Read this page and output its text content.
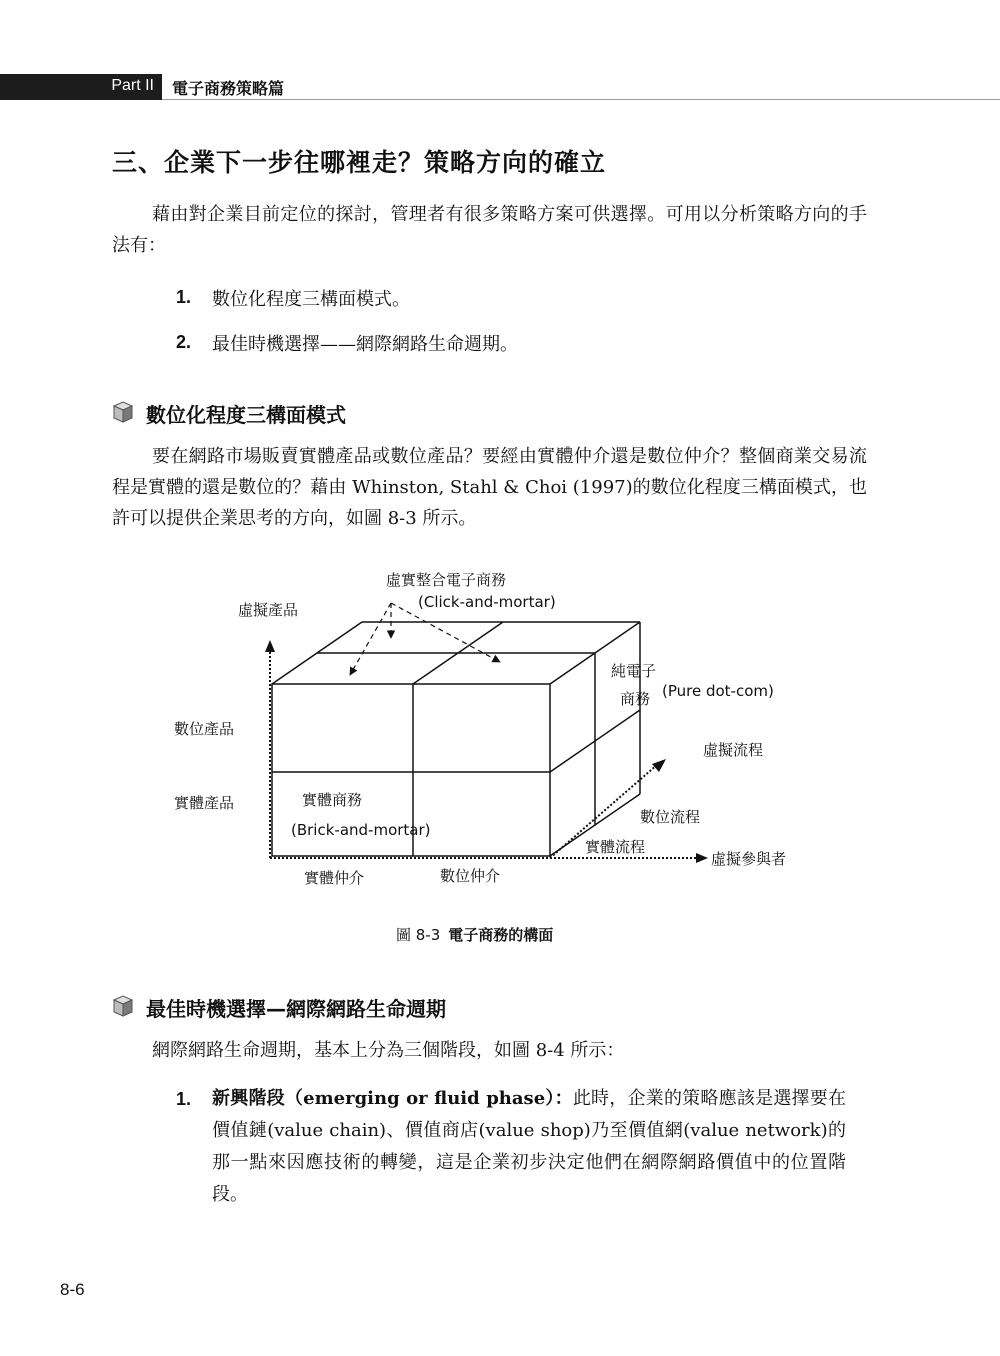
Part II 電子商務策略篇
三、企業下一步往哪裡走？策略方向的確立
藉由對企業目前定位的探討，管理者有很多策略方案可供選擇。可用以分析策略方向的手法有：
1. 數位化程度三構面模式。
2. 最佳時機選擇——網際網路生命週期。
數位化程度三構面模式
要在網路市場販賣實體產品或數位產品？要經由實體仲介還是數位仲介？整個商業交易流程是實體的還是數位的？藉由 Whinston, Stahl & Choi (1997)的數位化程度三構面模式，也許可以提供企業思考的方向，如圖 8-3 所示。
虛擬產品
數位產品
實體產品
虛實整合電子商務
(Click-and-mortar)
純電子
商務 (Pure dot-com)
實體商務
(Brick-and-mortar)
虛擬流程
數位流程
實體流程
虛擬參與者
實體仲介	數位仲介
圖 8-3 電子商務的構面
最佳時機選擇—網際網路生命週期
網際網路生命週期，基本上分為三個階段，如圖 8-4 所示：
1. 新興階段（emerging or fluid phase）：此時，企業的策略應該是選擇要在價值鏈(value chain)、價值商店(value shop)乃至價值網(value network)的那一點來因應技術的轉變，這是企業初步決定他們在網際網路價值中的位置階段。
8-6
